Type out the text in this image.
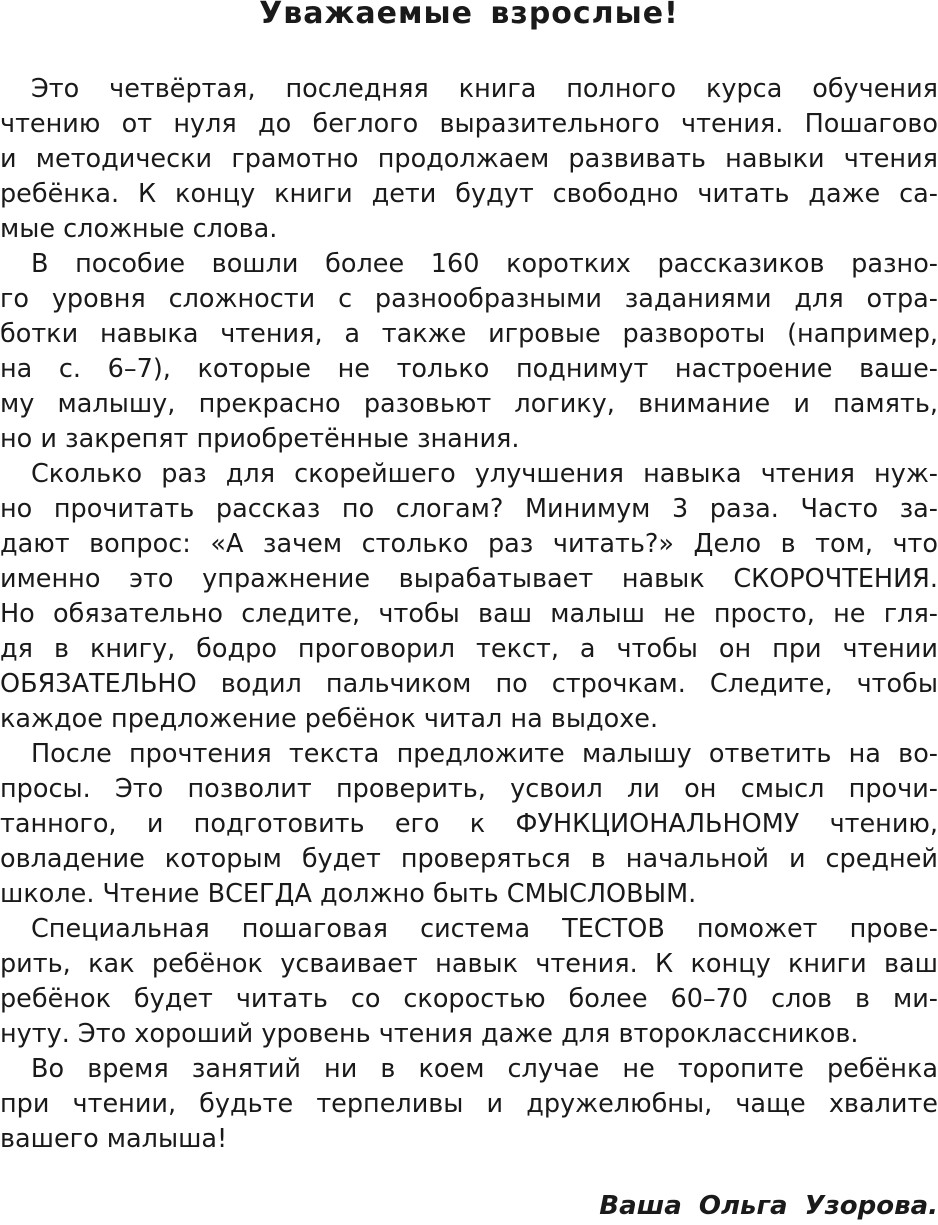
Уважаемые взрослые!
Это четвёртая, последняя книга полного курса обучения
чтению от нуля до беглого выразительного чтения. Пошагово
и методически грамотно продолжаем развивать навыки чтения
ребёнка. К концу книги дети будут свободно читать даже са-
мые сложные слова.
В пособие вошли более 160 коротких рассказиков разно-
го уровня сложности с разнообразными заданиями для отра-
ботки навыка чтения, а также игровые развороты (например,
на с. 6–7), которые не только поднимут настроение ваше-
му малышу, прекрасно разовьют логику, внимание и память,
но и закрепят приобретённые знания.
Сколько раз для скорейшего улучшения навыка чтения нуж-
но прочитать рассказ по слогам? Минимум 3 раза. Часто за-
дают вопрос: «А зачем столько раз читать?» Дело в том, что
именно это упражнение вырабатывает навык СКОРОЧТЕНИЯ.
Но обязательно следите, чтобы ваш малыш не просто, не гля-
дя в книгу, бодро проговорил текст, а чтобы он при чтении
ОБЯЗАТЕЛЬНО водил пальчиком по строчкам. Следите, чтобы
каждое предложение ребёнок читал на выдохе.
После прочтения текста предложите малышу ответить на во-
просы. Это позволит проверить, усвоил ли он смысл прочи-
танного, и подготовить его к ФУНКЦИОНАЛЬНОМУ чтению,
овладение которым будет проверяться в начальной и средней
школе. Чтение ВСЕГДА должно быть СМЫСЛОВЫМ.
Специальная пошаговая система ТЕСТОВ поможет прове-
рить, как ребёнок усваивает навык чтения. К концу книги ваш
ребёнок будет читать со скоростью более 60–70 слов в ми-
нуту. Это хороший уровень чтения даже для второклассников.
Во время занятий ни в коем случае не торопите ребёнка
при чтении, будьте терпеливы и дружелюбны, чаще хвалите
вашего малыша!

Ваша Ольга Узорова.
